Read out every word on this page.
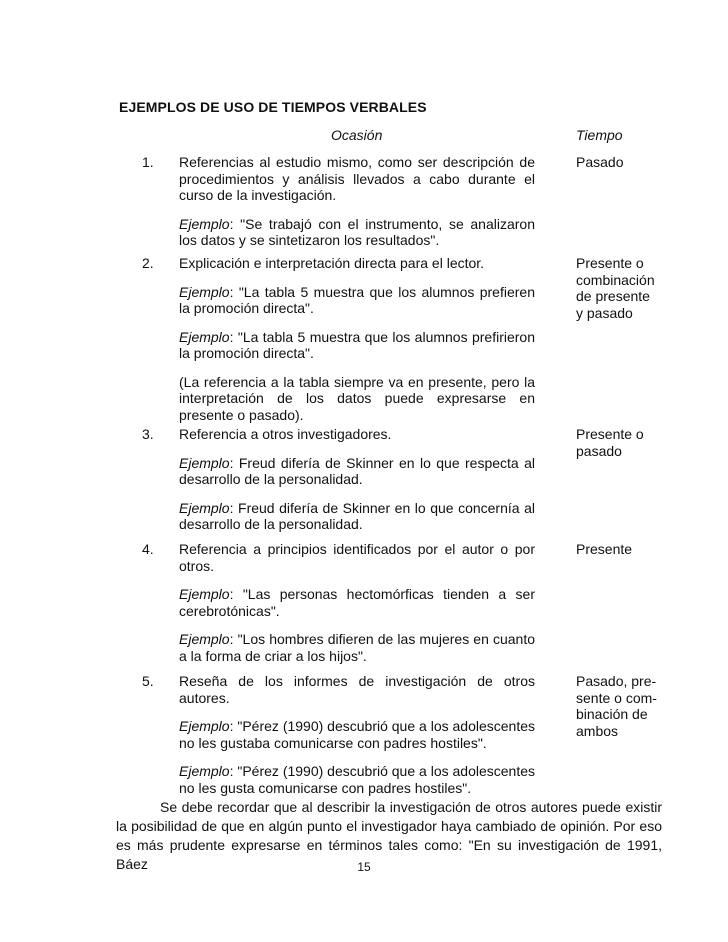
EJEMPLOS DE USO DE TIEMPOS VERBALES
Ocasión	Tiempo
1. Referencias al estudio mismo, como ser descripción de procedimientos y análisis llevados a cabo durante el curso de la investigación.
Ejemplo: "Se trabajó con el instrumento, se analizaron los datos y se sintetizaron los resultados".
Pasado
2. Explicación e interpretación directa para el lector.
Ejemplo: "La tabla 5 muestra que los alumnos prefieren la promoción directa".
Ejemplo: "La tabla 5 muestra que los alumnos prefirieron la promoción directa".
(La referencia a la tabla siempre va en presente, pero la interpretación de los datos puede expresarse en presente o pasado).
Presente o
combinación
de presente
y pasado
3. Referencia a otros investigadores.
Ejemplo: Freud difería de Skinner en lo que respecta al desarrollo de la personalidad.
Ejemplo: Freud difería de Skinner en lo que concernía al desarrollo de la personalidad.
Presente o
pasado
4. Referencia a principios identificados por el autor o por otros.
Ejemplo: "Las personas hectomórficas tienden a ser cerebrotónicas".
Ejemplo: "Los hombres difieren de las mujeres en cuanto a la forma de criar a los hijos".
Presente
5. Reseña de los informes de investigación de otros autores.
Ejemplo: "Pérez (1990) descubrió que a los adolescentes no les gustaba comunicarse con padres hostiles".
Ejemplo: "Pérez (1990) descubrió que a los adolescentes no les gusta comunicarse con padres hostiles".
Pasado, pre-
sente o com-
binación de
ambos
Se debe recordar que al describir la investigación de otros autores puede existir la posibilidad de que en algún punto el investigador haya cambiado de opinión. Por eso es más prudente expresarse en términos tales como: "En su investigación de 1991, Báez	15
